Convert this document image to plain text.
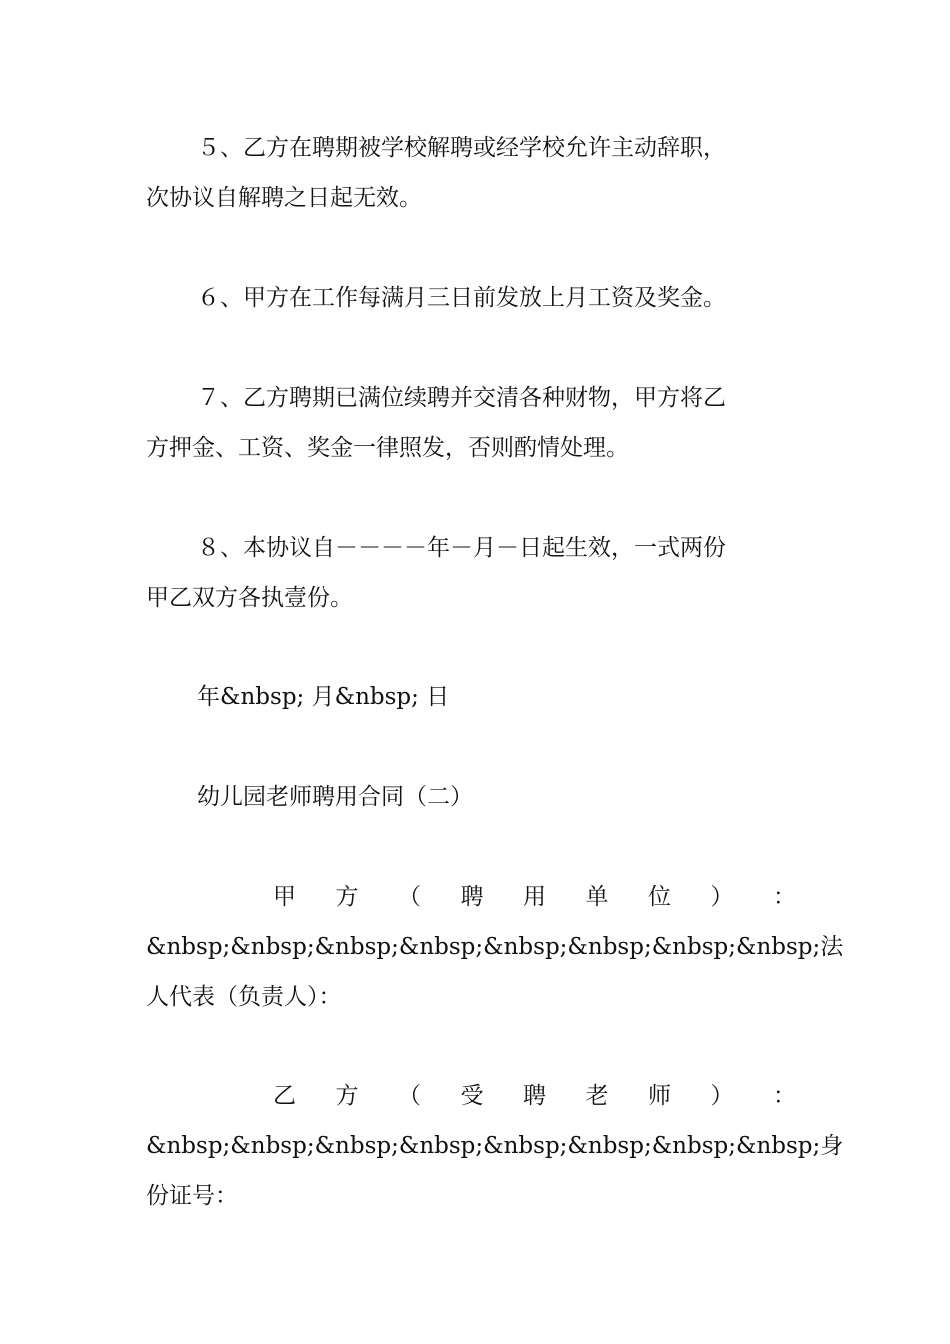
５、乙方在聘期被学校解聘或经学校允许主动辞职，
次协议自解聘之日起无效。
６、甲方在工作每满月三日前发放上月工资及奖金。
７、乙方聘期已满位续聘并交清各种财物，甲方将乙
方押金、工资、奖金一律照发，否则酌情处理。
８、本协议自－－－－年－月－日起生效，一式两份
甲乙双方各执壹份。
年&nbsp; 月&nbsp; 日
幼儿园老师聘用合同（二）
甲 方 （ 聘 用 单 位 ） ：
&nbsp;&nbsp;&nbsp;&nbsp;&nbsp;&nbsp;&nbsp;&nbsp; 法
人代表（负责人）：
乙 方 （ 受 聘 老 师 ） ：
&nbsp;&nbsp;&nbsp;&nbsp;&nbsp;&nbsp;&nbsp;&nbsp; 身
份证号：
